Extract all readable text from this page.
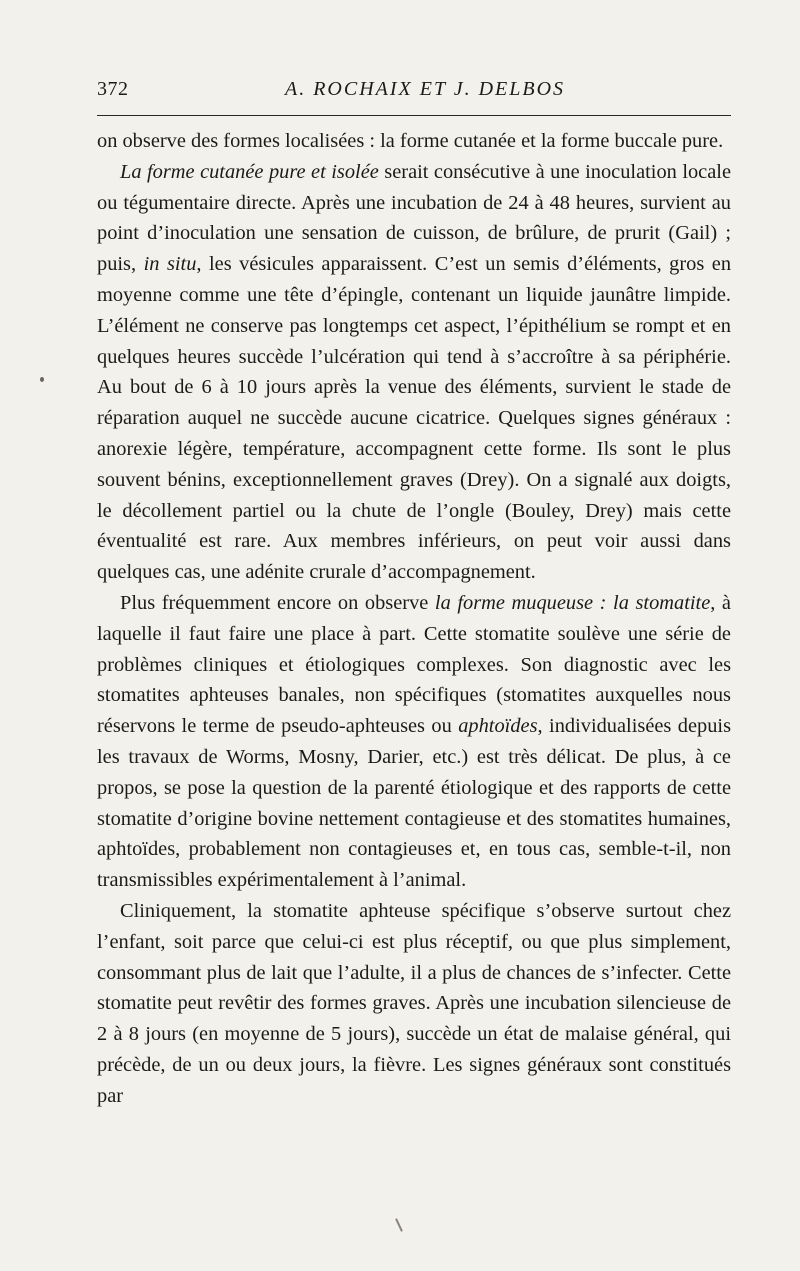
372	A. ROCHAIX ET J. DELBOS

on observe des formes localisées : la forme cutanée et la forme buccale pure.

La forme cutanée pure et isolée serait consécutive à une inoculation locale ou tégumentaire directe. Après une incubation de 24 à 48 heures, survient au point d’inoculation une sensation de cuisson, de brûlure, de prurit (Gail) ; puis, in situ, les vésicules apparaissent. C’est un semis d’éléments, gros en moyenne comme une tête d’épingle, contenant un liquide jaunâtre limpide. L’élément ne conserve pas longtemps cet aspect, l’épithélium se rompt et en quelques heures succède l’ulcération qui tend à s’accroître à sa périphérie. Au bout de 6 à 10 jours après la venue des éléments, survient le stade de réparation auquel ne succède aucune cicatrice. Quelques signes généraux : anorexie légère, température, accompagnent cette forme. Ils sont le plus souvent bénins, exceptionnellement graves (Drey). On a signalé aux doigts, le décollement partiel ou la chute de l’ongle (Bouley, Drey) mais cette éventualité est rare. Aux membres inférieurs, on peut voir aussi dans quelques cas, une adénite crurale d’accompagnement.

Plus fréquemment encore on observe la forme muqueuse : la stomatite, à laquelle il faut faire une place à part. Cette stomatite soulève une série de problèmes cliniques et étiologiques complexes. Son diagnostic avec les stomatites aphteuses banales, non spécifiques (stomatites auxquelles nous réservons le terme de pseudo-aphteuses ou aphtoïdes, individualisées depuis les travaux de Worms, Mosny, Darier, etc.) est très délicat. De plus, à ce propos, se pose la question de la parenté étiologique et des rapports de cette stomatite d’origine bovine nettement contagieuse et des stomatites humaines, aphtoïdes, probablement non contagieuses et, en tous cas, semble-t-il, non transmissibles expérimentalement à l’animal.

Cliniquement, la stomatite aphteuse spécifique s’observe surtout chez l’enfant, soit parce que celui-ci est plus réceptif, ou que plus simplement, consommant plus de lait que l’adulte, il a plus de chances de s’infecter. Cette stomatite peut revêtir des formes graves. Après une incubation silencieuse de 2 à 8 jours (en moyenne de 5 jours), succède un état de malaise général, qui précède, de un ou deux jours, la fièvre. Les signes généraux sont constitués par
